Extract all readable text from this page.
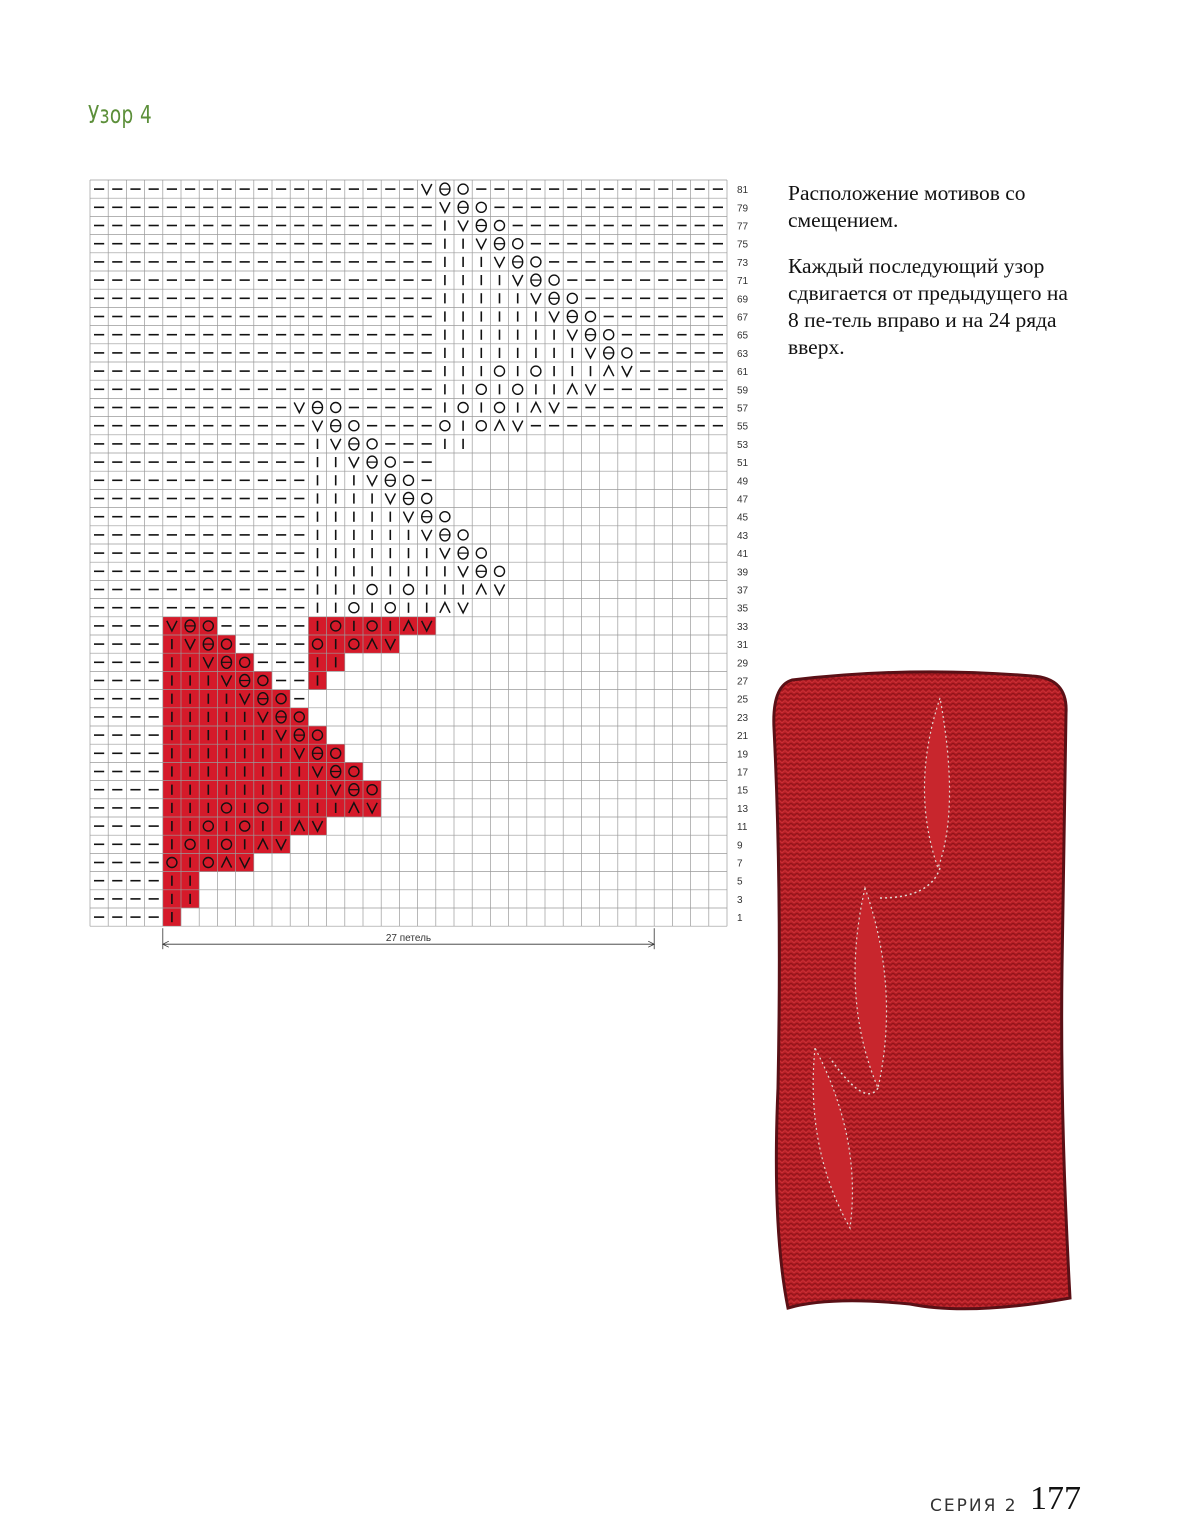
Узор 4
81
79
77
75
73
71
69
67
65
63
61
59
57
55
53
51
49
47
45
43
41
39
37
35
33
31
29
27
25
23
21
19
17
15
13
11
9
7
5
3
1
27 петель

Расположение мотивов со смещением.

Каждый последующий узор сдвигается от предыдущего на 8 пе-тель вправо и на 24 ряда вверх.

СЕРИЯ 2 177
